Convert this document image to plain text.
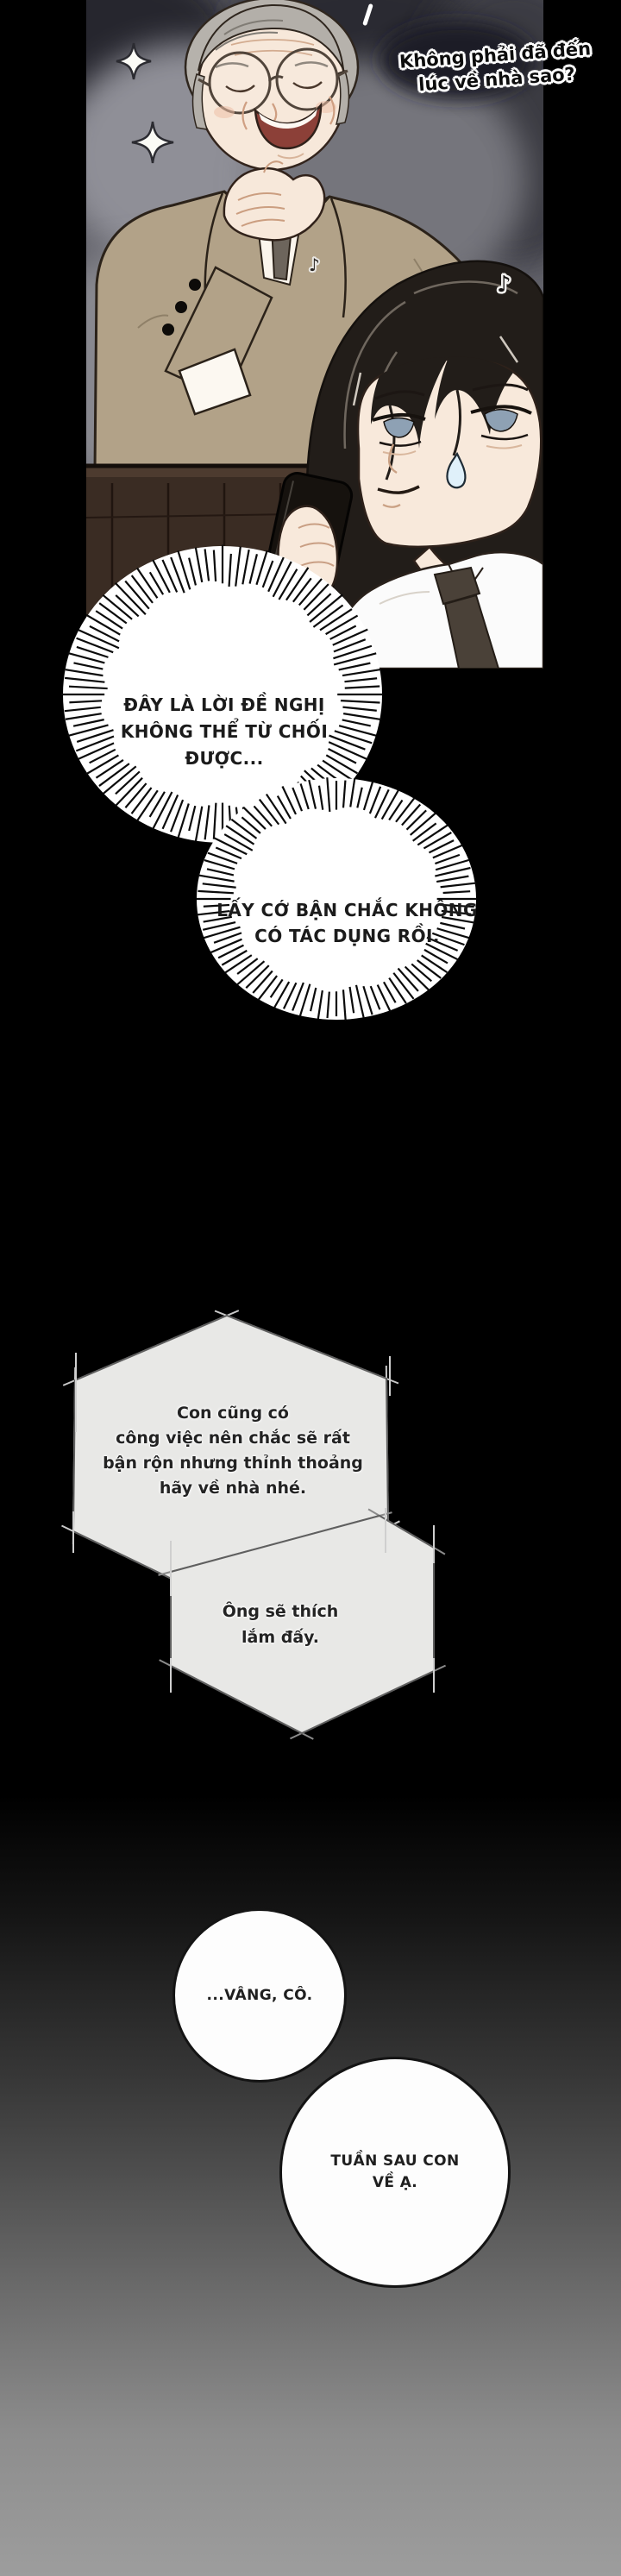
♪
♪
Không phải đã đến
lúc về nhà sao?
ĐÂY LÀ LỜI ĐỀ NGHỊ
KHÔNG THỂ TỪ CHỐI ĐƯỢC...
LẤY CỚ BẬN CHẮC KHÔNG
CÓ TÁC DỤNG RỒI.
Con cũng có
công việc nên chắc sẽ rất
bận rộn nhưng thỉnh thoảng
hãy về nhà nhé.
Ông sẽ thích
lắm đấy.
...VÂNG, CÔ.
TUẦN SAU CON
VỀ Ạ.
